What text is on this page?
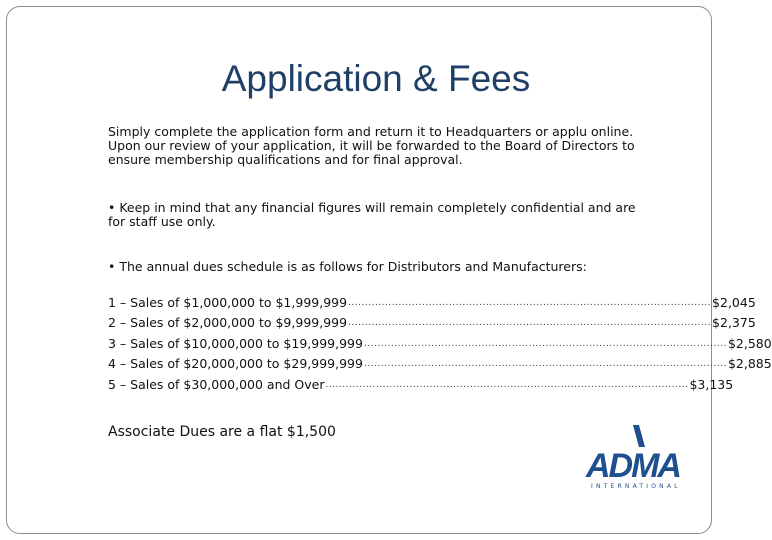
Application & Fees
Simply complete the application form and return it to Headquarters or applu online. Upon our review of your application, it will be forwarded to the Board of Directors to ensure membership qualifications and for final approval.
• Keep in mind that any financial figures will remain completely confidential and are for staff use only.
• The annual dues schedule is as follows for Distributors and Manufacturers:
1 – Sales of $1,000,000 to $1,999,999 ............................................................................................................ $2,045
2 – Sales of $2,000,000 to $9,999,999 ............................................................................................................ $2,375
3 – Sales of $10,000,000 to $19,999,999 ............................................................................................................ $2,580
4 – Sales of $20,000,000 to $29,999,999 ............................................................................................................ $2,885
5 – Sales of $30,000,000 and Over ............................................................................................................ $3,135
Associate Dues are a flat $1,500
ADMA
INTERNATIONAL
